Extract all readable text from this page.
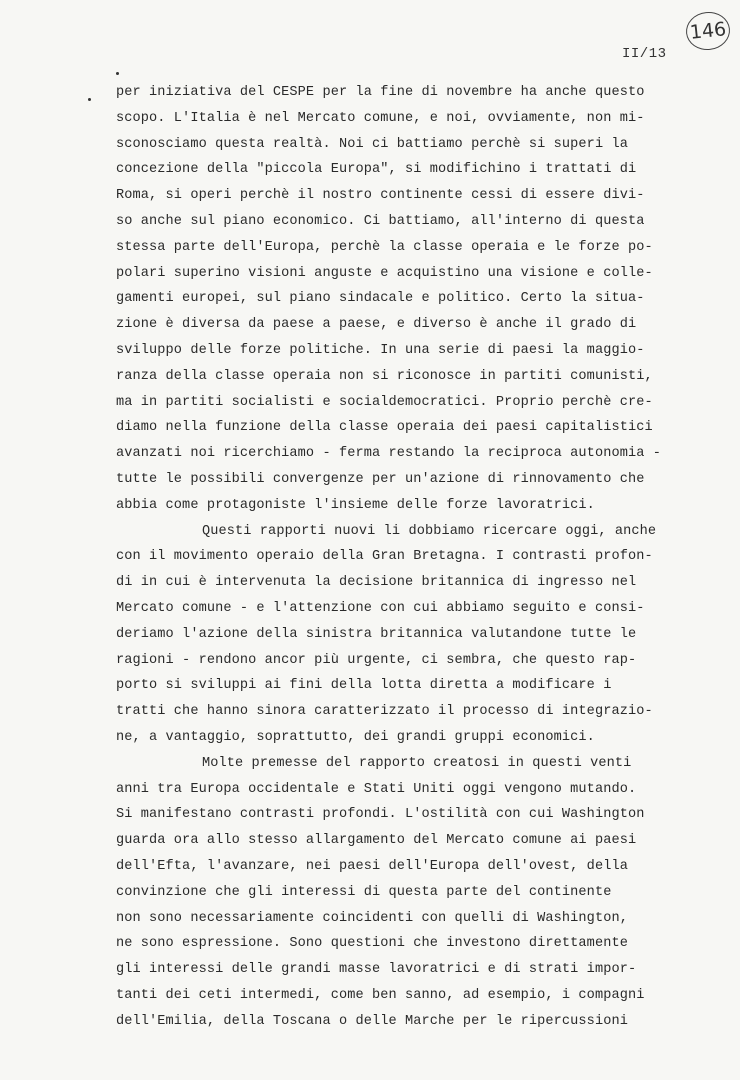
146
II/13
per iniziativa del CESPE per la fine di novembre ha anche questo
scopo. L'Italia è nel Mercato comune, e noi, ovviamente, non mi-
sconosciamo questa realtà. Noi ci battiamo perchè si superi la
concezione della "piccola Europa", si modifichino i trattati di
Roma, si operi perchè il nostro continente cessi di essere divi-
so anche sul piano economico. Ci battiamo, all'interno di questa
stessa parte dell'Europa, perchè la classe operaia e le forze po-
polari superino visioni anguste e acquistino una visione e colle-
gamenti europei, sul piano sindacale e politico. Certo la situa-
zione è diversa da paese a paese, e diverso è anche il grado di
sviluppo delle forze politiche. In una serie di paesi la maggio-
ranza della classe operaia non si riconosce in partiti comunisti,
ma in partiti socialisti e socialdemocratici. Proprio perchè cre-
diamo nella funzione della classe operaia dei paesi capitalistici
avanzati noi ricerchiamo - ferma restando la reciproca autonomia -
tutte le possibili convergenze per un'azione di rinnovamento che
abbia come protagoniste l'insieme delle forze lavoratrici.
Questi rapporti nuovi li dobbiamo ricercare oggi, anche
con il movimento operaio della Gran Bretagna. I contrasti profon-
di in cui è intervenuta la decisione britannica di ingresso nel
Mercato comune - e l'attenzione con cui abbiamo seguito e consi-
deriamo l'azione della sinistra britannica valutandone tutte le
ragioni - rendono ancor più urgente, ci sembra, che questo rap-
porto si sviluppi ai fini della lotta diretta a modificare i
tratti che hanno sinora caratterizzato il processo di integrazio-
ne, a vantaggio, soprattutto, dei grandi gruppi economici.
Molte premesse del rapporto creatosi in questi venti
anni tra Europa occidentale e Stati Uniti oggi vengono mutando.
Si manifestano contrasti profondi. L'ostilità con cui Washington
guarda ora allo stesso allargamento del Mercato comune ai paesi
dell'Efta, l'avanzare, nei paesi dell'Europa dell'ovest, della
convinzione che gli interessi di questa parte del continente
non sono necessariamente coincidenti con quelli di Washington,
ne sono espressione. Sono questioni che investono direttamente
gli interessi delle grandi masse lavoratrici e di strati impor-
tanti dei ceti intermedi, come ben sanno, ad esempio, i compagni
dell'Emilia, della Toscana o delle Marche per le ripercussioni
